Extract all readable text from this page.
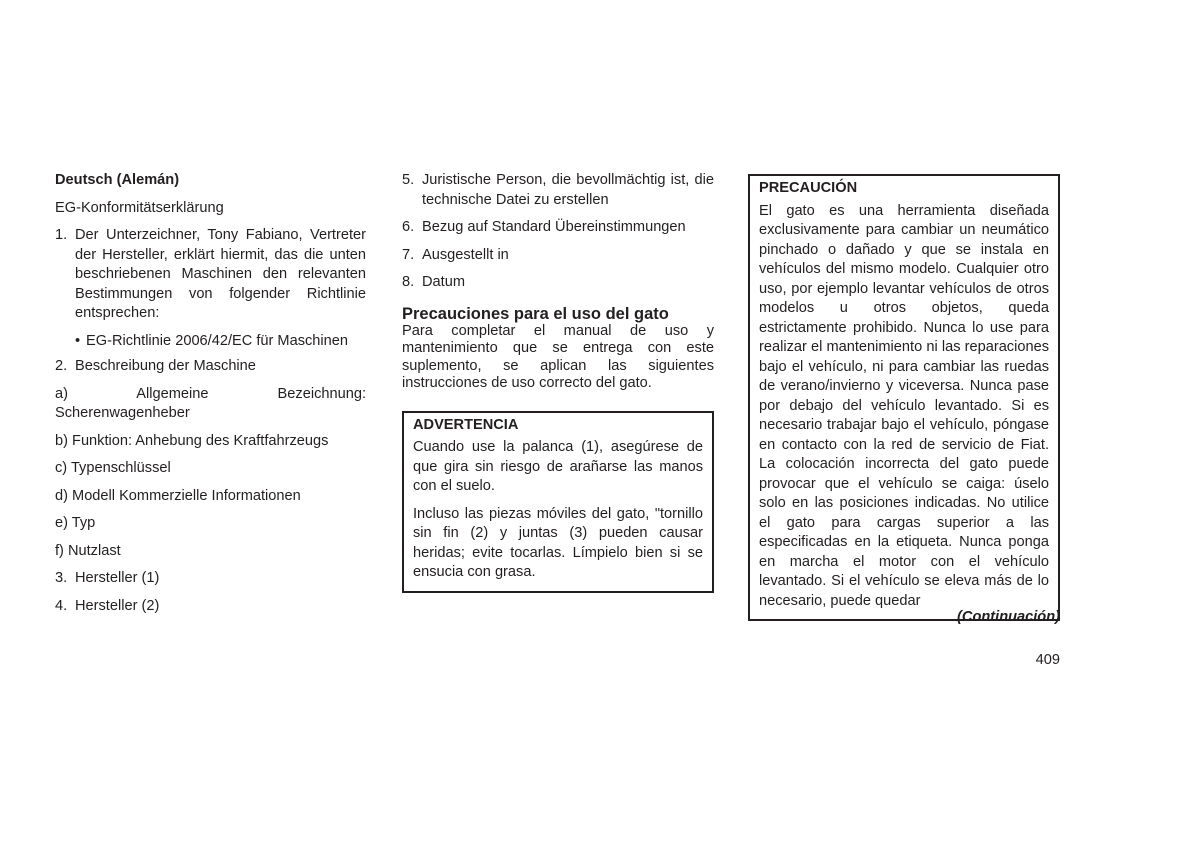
Deutsch (Alemán)

EG-Konformitätserklärung

1. Der Unterzeichner, Tony Fabiano, Vertreter der Hersteller, erklärt hiermit, das die unten beschriebenen Maschinen den relevanten Bestimmungen von folgender Richtlinie entsprechen:
• EG-Richtlinie 2006/42/EC für Maschinen
2. Beschreibung der Maschine

a) Allgemeine Bezeichnung: Scherenwagenheber

b) Funktion: Anhebung des Kraftfahrzeugs

c) Typenschlüssel

d) Modell Kommerzielle Informationen

e) Typ

f) Nutzlast

3. Hersteller (1)
4. Hersteller (2)
5. Juristische Person, die bevollmächtig ist, die technische Datei zu erstellen
6. Bezug auf Standard Übereinstimmungen
7. Ausgestellt in
8. Datum

Precauciones para el uso del gato

Para completar el manual de uso y mantenimiento que se entrega con este suplemento, se aplican las siguientes instrucciones de uso correcto del gato.

ADVERTENCIA

Cuando use la palanca (1), asegúrese de que gira sin riesgo de arañarse las manos con el suelo.

Incluso las piezas móviles del gato, "tornillo sin fin (2) y juntas (3) pueden causar heridas; evite tocarlas. Límpielo bien si se ensucia con grasa.

PRECAUCIÓN

El gato es una herramienta diseñada exclusivamente para cambiar un neumático pinchado o dañado y que se instala en vehículos del mismo modelo. Cualquier otro uso, por ejemplo levantar vehículos de otros modelos u otros objetos, queda estrictamente prohibido. Nunca lo use para realizar el mantenimiento ni las reparaciones bajo el vehículo, ni para cambiar las ruedas de verano/invierno y viceversa. Nunca pase por debajo del vehículo levantado. Si es necesario trabajar bajo el vehículo, póngase en contacto con la red de servicio de Fiat. La colocación incorrecta del gato puede provocar que el vehículo se caiga: úselo solo en las posiciones indicadas. No utilice el gato para cargas superior a las especificadas en la etiqueta. Nunca ponga en marcha el motor con el vehículo levantado. Si el vehículo se eleva más de lo necesario, puede quedar

(Continuación)
409
